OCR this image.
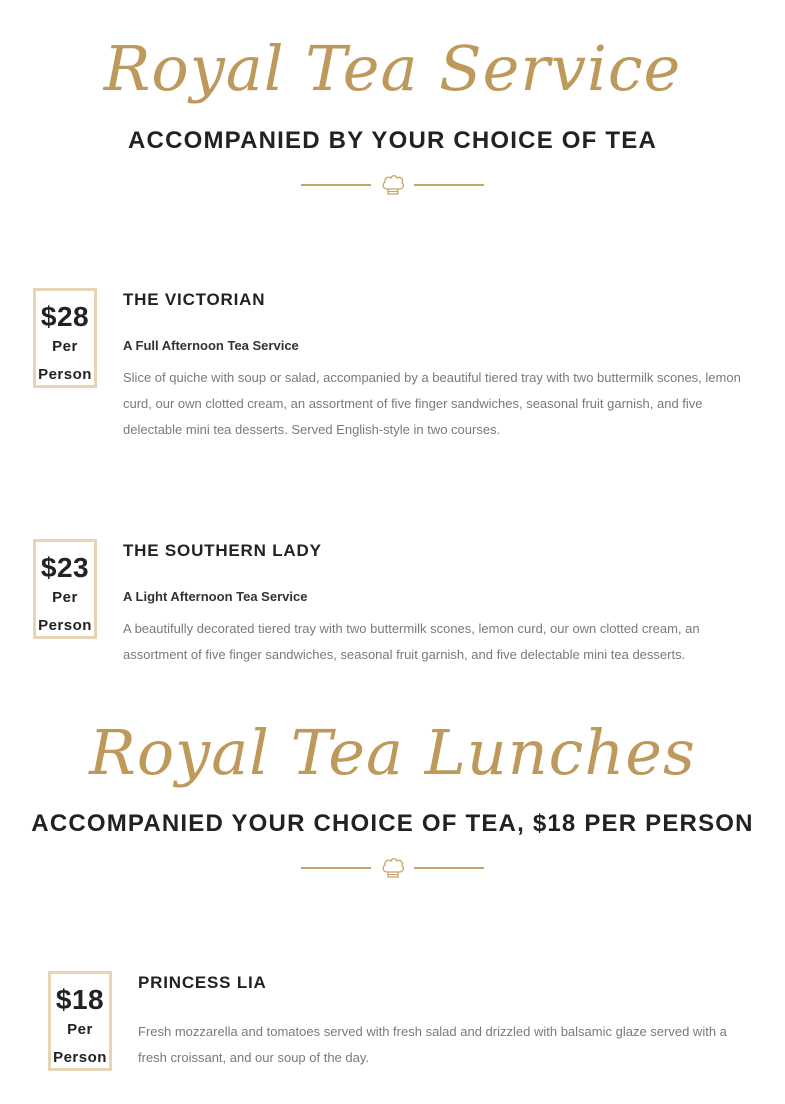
Royal Tea Service
ACCOMPANIED BY YOUR CHOICE OF TEA
$28
Per
Person
THE VICTORIAN
A Full Afternoon Tea Service
Slice of quiche with soup or salad, accompanied by a beautiful tiered tray with two buttermilk scones, lemon curd, our own clotted cream, an assortment of five finger sandwiches, seasonal fruit garnish, and five delectable mini tea desserts. Served English-style in two courses.
$23
Per
Person
THE SOUTHERN LADY
A Light Afternoon Tea Service
A beautifully decorated tiered tray with two buttermilk scones, lemon curd, our own clotted cream, an assortment of five finger sandwiches, seasonal fruit garnish, and five delectable mini tea desserts.
Royal Tea Lunches
ACCOMPANIED YOUR CHOICE OF TEA, $18 PER PERSON
$18
Per
Person
PRINCESS LIA
Fresh mozzarella and tomatoes served with fresh salad and drizzled with balsamic glaze served with a fresh croissant, and our soup of the day.
